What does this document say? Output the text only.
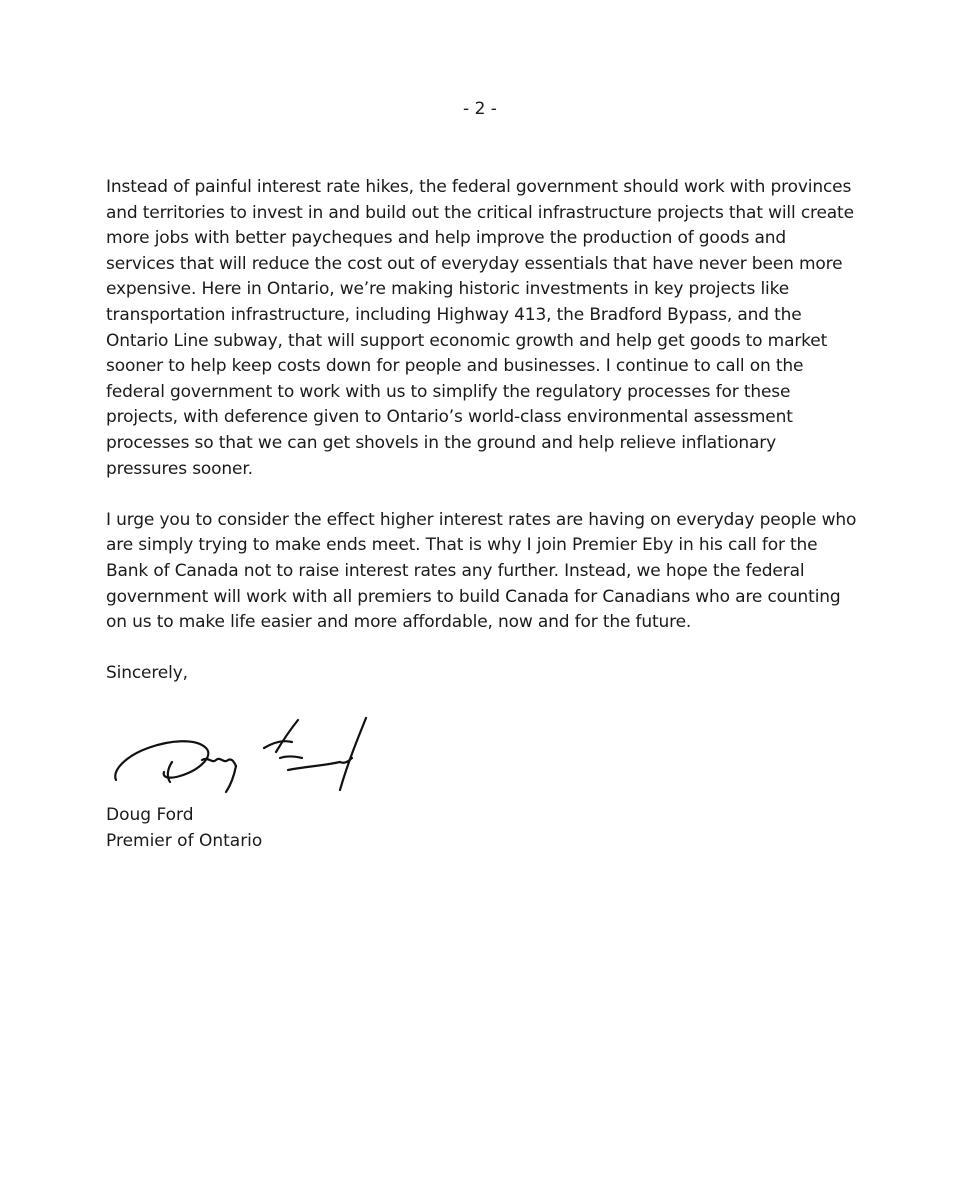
- 2 -

Instead of painful interest rate hikes, the federal government should work with provinces
and territories to invest in and build out the critical infrastructure projects that will create
more jobs with better paycheques and help improve the production of goods and
services that will reduce the cost out of everyday essentials that have never been more
expensive. Here in Ontario, we’re making historic investments in key projects like
transportation infrastructure, including Highway 413, the Bradford Bypass, and the
Ontario Line subway, that will support economic growth and help get goods to market
sooner to help keep costs down for people and businesses. I continue to call on the
federal government to work with us to simplify the regulatory processes for these
projects, with deference given to Ontario’s world-class environmental assessment
processes so that we can get shovels in the ground and help relieve inflationary
pressures sooner.

I urge you to consider the effect higher interest rates are having on everyday people who
are simply trying to make ends meet. That is why I join Premier Eby in his call for the
Bank of Canada not to raise interest rates any further. Instead, we hope the federal
government will work with all premiers to build Canada for Canadians who are counting
on us to make life easier and more affordable, now and for the future.

Sincerely,

Doug Ford
Premier of Ontario
